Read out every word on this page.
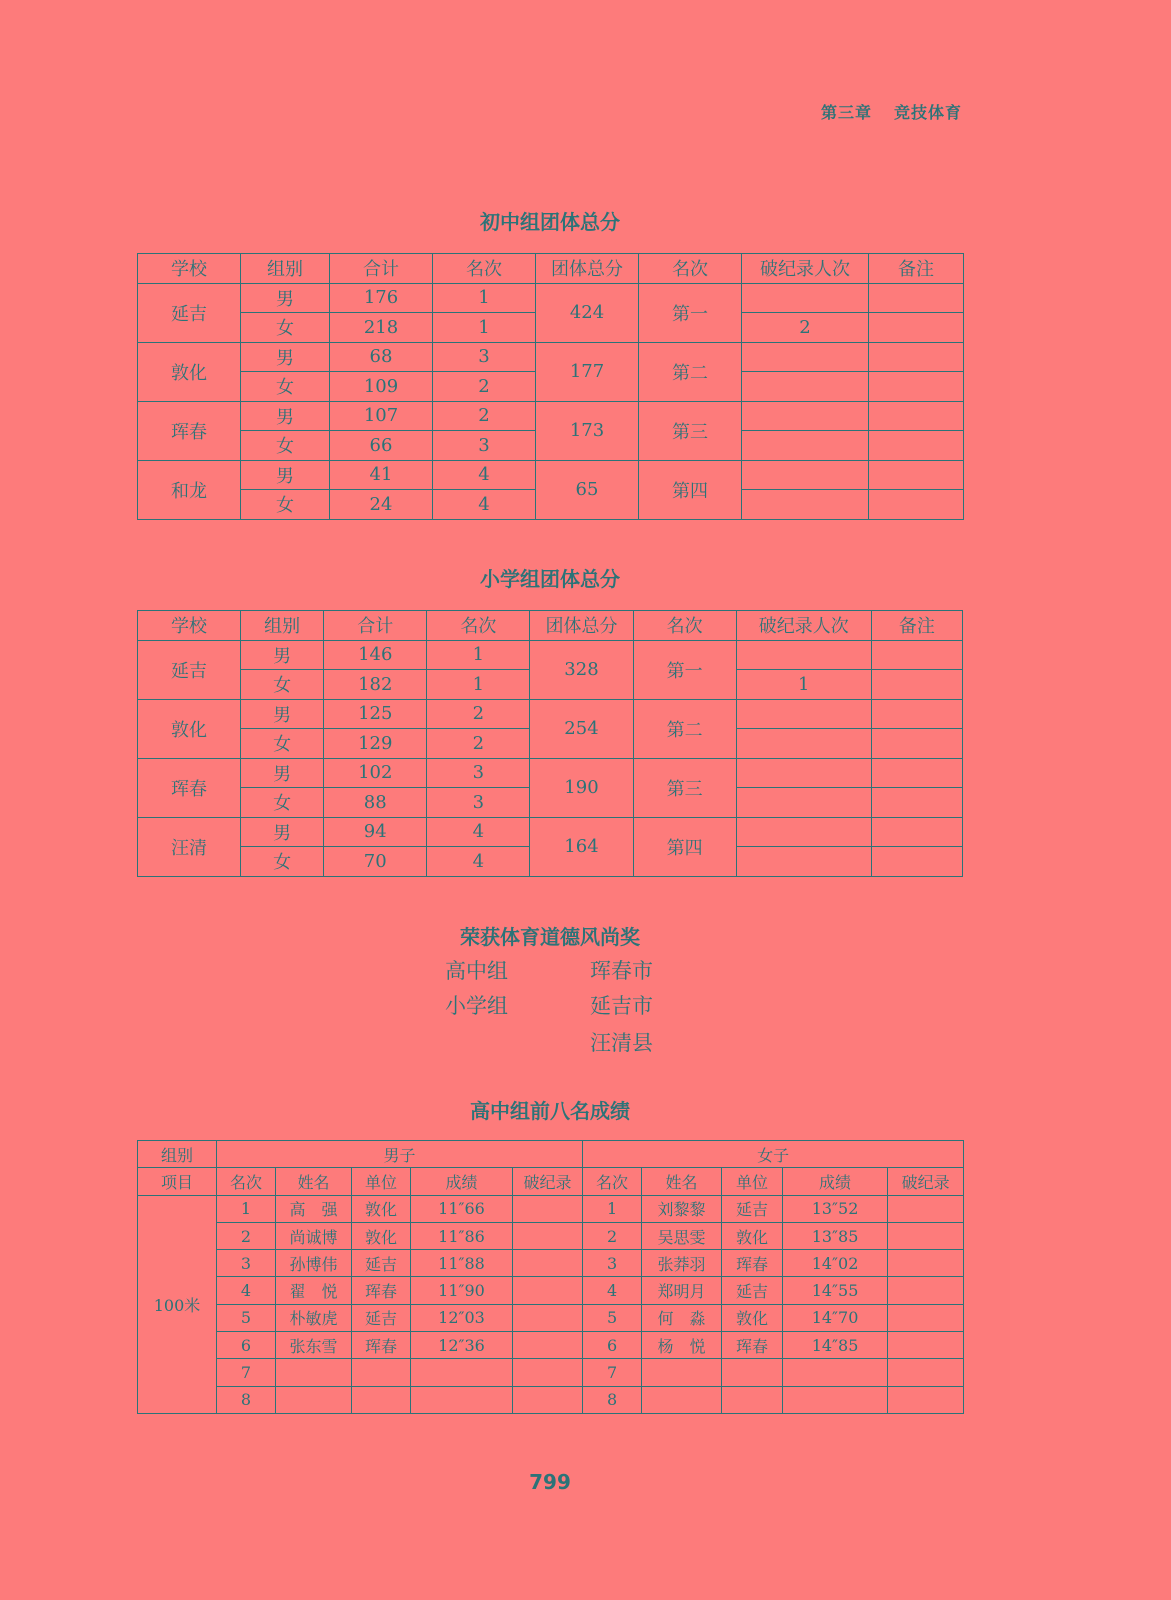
第三章 竞技体育
初中组团体总分
学校	组别	合计	名次	团体总分	名次	破纪录人次	备注
延吉	男	176	1	424	第一		
	女	218	1			2	
敦化	男	68	3	177	第二		
	女	109	2				
珲春	男	107	2	173	第三		
	女	66	3				
和龙	男	41	4	65	第四		
	女	24	4				
小学组团体总分
学校	组别	合计	名次	团体总分	名次	破纪录人次	备注
延吉	男	146	1	328	第一		
	女	182	1			1	
敦化	男	125	2	254	第二		
	女	129	2				
珲春	男	102	3	190	第三		
	女	88	3				
汪清	男	94	4	164	第四		
	女	70	4				
荣获体育道德风尚奖
高中组	珲春市
小学组	延吉市
汪清县
高中组前八名成绩
组别	男子					女子				
项目	名次	姓名	单位	成绩	破纪录	名次	姓名	单位	成绩	破纪录
100米	1	高　强	敦化	11″66		1	刘黎黎	延吉	13″52	
	2	尚诚博	敦化	11″86		2	吴思雯	敦化	13″85	
	3	孙博伟	延吉	11″88		3	张莽羽	珲春	14″02	
	4	翟　悦	珲春	11″90		4	郑明月	延吉	14″55	
	5	朴敏虎	延吉	12″03		5	何　淼	敦化	14″70	
	6	张东雪	珲春	12″36		6	杨　悦	珲春	14″85	
	7					7				
	8					8				
799
